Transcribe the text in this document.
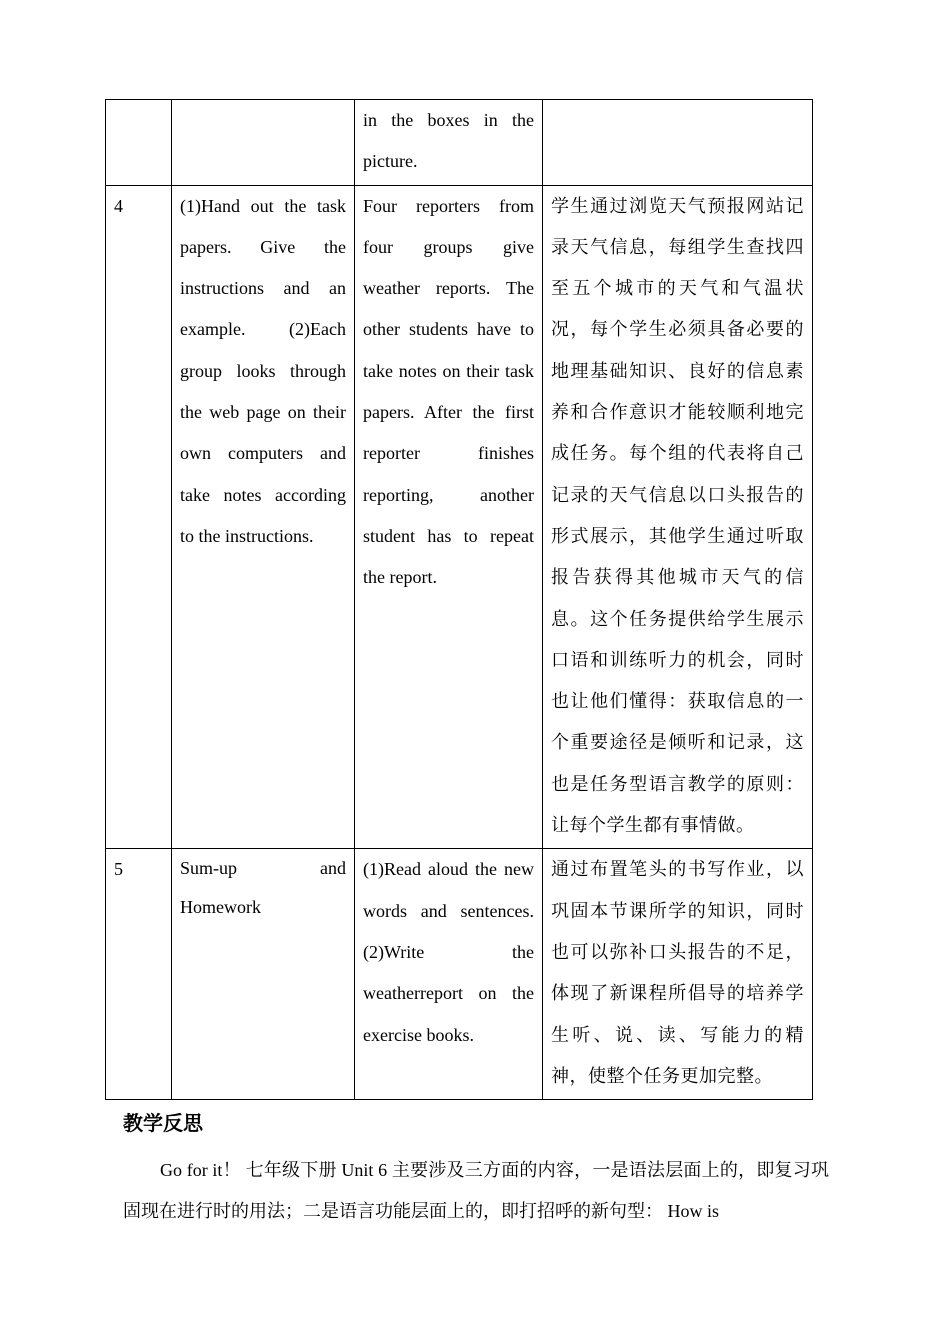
		in the boxes in the picture.	
4	(1)Hand out the task papers. Give the instructions and an example. (2)Each group looks through the web page on their own computers and take notes according to the instructions.	Four reporters from four groups give weather reports. The other students have to take notes on their task papers. After the first reporter finishes reporting, another student has to repeat the report.	学生通过浏览天气预报网站记录天气信息，每组学生查找四至五个城市的天气和气温状况，每个学生必须具备必要的地理基础知识、良好的信息素养和合作意识才能较顺利地完成任务。每个组的代表将自己记录的天气信息以口头报告的形式展示，其他学生通过听取报告获得其他城市天气的信息。这个任务提供给学生展示口语和训练听力的机会，同时也让他们懂得：获取信息的一个重要途径是倾听和记录，这也是任务型语言教学的原则：让每个学生都有事情做。
5	Sum-up and Homework	(1)Read aloud the new words and sentences.(2)Write the weatherreport on the exercise books.	通过布置笔头的书写作业，以巩固本节课所学的知识，同时也可以弥补口头报告的不足，体现了新课程所倡导的培养学生听、说、读、写能力的精神，使整个任务更加完整。
教学反思

Go for it！ 七年级下册 Unit 6 主要涉及三方面的内容，一是语法层面上的，即复习巩固现在进行时的用法；二是语言功能层面上的，即打招呼的新句型： How is
